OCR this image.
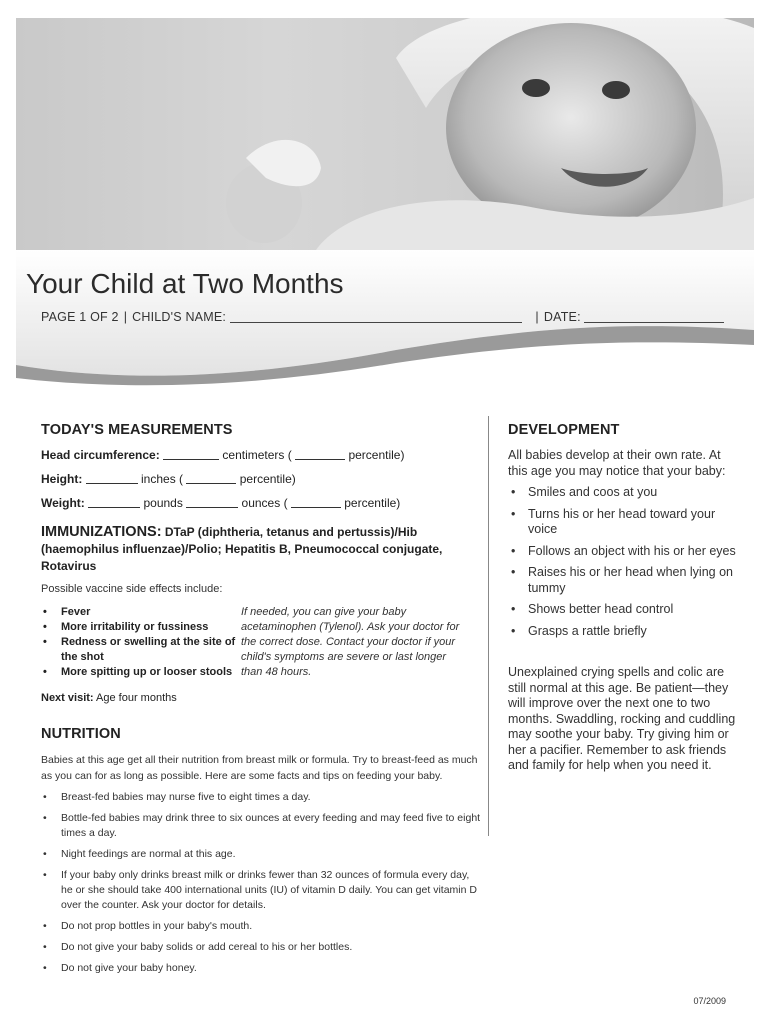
Your Child at Two Months
PAGE 1 OF 2 | CHILD'S NAME:	| DATE:
TODAY'S MEASUREMENTS
Head circumference:	centimeters (	percentile)
Height:	inches (	percentile)
Weight:	pounds	ounces (	percentile)
IMMUNIZATIONS: DTaP (diphtheria, tetanus and pertussis)/Hib (haemophilus influenzae)/Polio; Hepatitis B, Pneumococcal conjugate, Rotavirus
Possible vaccine side effects include:
• Fever
• More irritability or fussiness
• Redness or swelling at the site of the shot
• More spitting up or looser stools
If needed, you can give your baby acetaminophen (Tylenol). Ask your doctor for the correct dose. Contact your doctor if your child's symptoms are severe or last longer than 48 hours.
Next visit: Age four months
NUTRITION

Babies at this age get all their nutrition from breast milk or formula. Try to breast-feed as much as you can for as long as possible. Here are some facts and tips on feeding your baby.

• Breast-fed babies may nurse five to eight times a day.
• Bottle-fed babies may drink three to six ounces at every feeding and may feed five to eight times a day.
• Night feedings are normal at this age.
• If your baby only drinks breast milk or drinks fewer than 32 ounces of formula every day, he or she should take 400 international units (IU) of vitamin D daily. You can get vitamin D over the counter. Ask your doctor for details.
• Do not prop bottles in your baby's mouth.
• Do not give your baby solids or add cereal to his or her bottles.
• Do not give your baby honey.
DEVELOPMENT

All babies develop at their own rate. At this age you may notice that your baby:

• Smiles and coos at you
• Turns his or her head toward your voice
• Follows an object with his or her eyes
• Raises his or her head when lying on tummy
• Shows better head control
• Grasps a rattle briefly

Unexplained crying spells and colic are still normal at this age. Be patient—they will improve over the next one to two months. Swaddling, rocking and cuddling may soothe your baby. Try giving him or her a pacifier. Remember to ask friends and family for help when you need it.

07/2009
